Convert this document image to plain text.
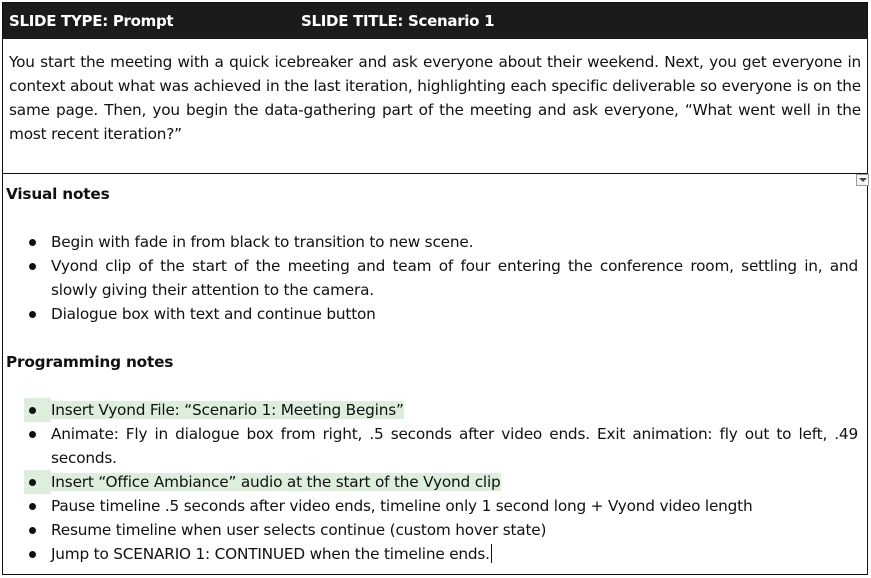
SLIDE TYPE: Prompt	SLIDE TITLE: Scenario 1

You start the meeting with a quick icebreaker and ask everyone about their weekend. Next, you get everyone in context about what was achieved in the last iteration, highlighting each specific deliverable so everyone is on the same page. Then, you begin the data-gathering part of the meeting and ask everyone, “What went well in the most recent iteration?”

Visual notes
Begin with fade in from black to transition to new scene.
Vyond clip of the start of the meeting and team of four entering the conference room, settling in, and slowly giving their attention to the camera.
Dialogue box with text and continue button
Programming notes
Insert Vyond File: “Scenario 1: Meeting Begins”
Animate: Fly in dialogue box from right, .5 seconds after video ends. Exit animation: fly out to left, .49 seconds.
Insert “Office Ambiance” audio at the start of the Vyond clip
Pause timeline .5 seconds after video ends, timeline only 1 second long + Vyond video length
Resume timeline when user selects continue (custom hover state)
Jump to SCENARIO 1: CONTINUED when the timeline ends.
